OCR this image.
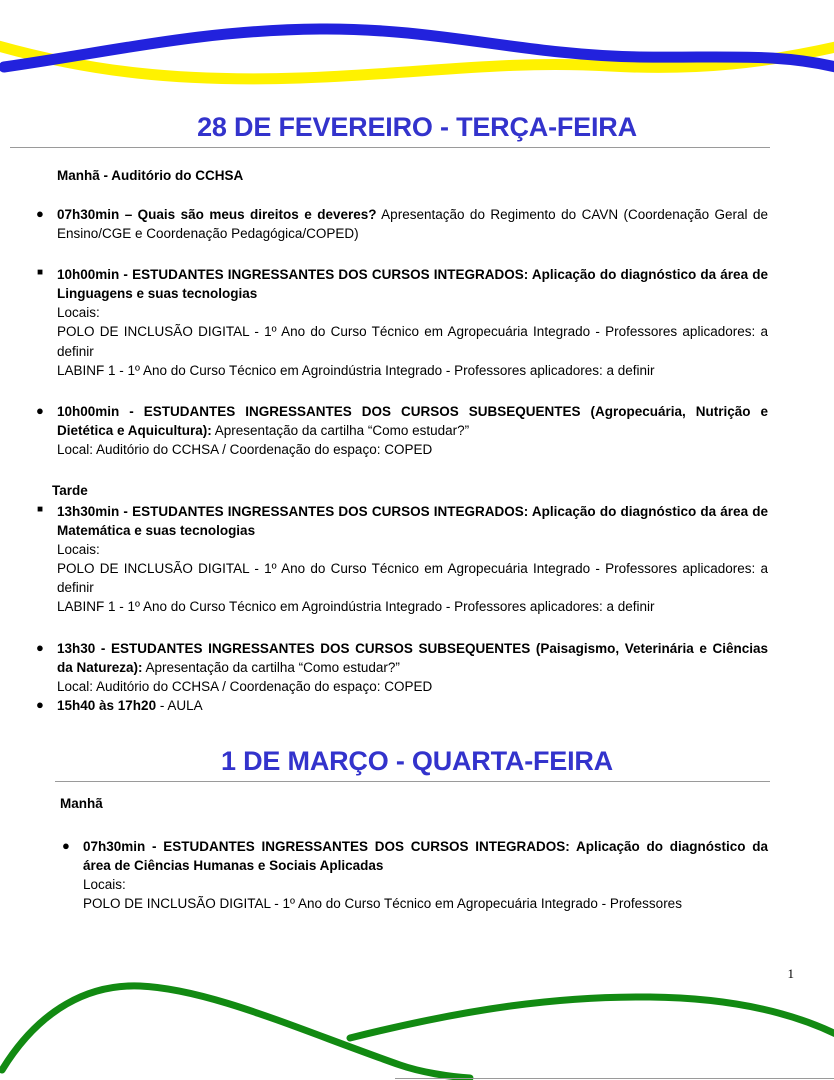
28 DE FEVEREIRO - TERÇA-FEIRA
Manhã - Auditório do CCHSA
● 07h30min – Quais são meus direitos e deveres? Apresentação do Regimento do CAVN (Coordenação Geral de Ensino/CGE e Coordenação Pedagógica/COPED)
■ 10h00min - ESTUDANTES INGRESSANTES DOS CURSOS INTEGRADOS: Aplicação do diagnóstico da área de Linguagens e suas tecnologias
Locais:
POLO DE INCLUSÃO DIGITAL - 1º Ano do Curso Técnico em Agropecuária Integrado - Professores aplicadores: a definir
LABINF 1 - 1º Ano do Curso Técnico em Agroindústria Integrado - Professores aplicadores: a definir
● 10h00min - ESTUDANTES INGRESSANTES DOS CURSOS SUBSEQUENTES (Agropecuária, Nutrição e Dietética e Aquicultura): Apresentação da cartilha “Como estudar?”
Local: Auditório do CCHSA / Coordenação do espaço: COPED
Tarde
■ 13h30min - ESTUDANTES INGRESSANTES DOS CURSOS INTEGRADOS: Aplicação do diagnóstico da área de Matemática e suas tecnologias
Locais:
POLO DE INCLUSÃO DIGITAL - 1º Ano do Curso Técnico em Agropecuária Integrado - Professores aplicadores: a definir
LABINF 1 - 1º Ano do Curso Técnico em Agroindústria Integrado - Professores aplicadores: a definir
● 13h30 - ESTUDANTES INGRESSANTES DOS CURSOS SUBSEQUENTES (Paisagismo, Veterinária e Ciências da Natureza): Apresentação da cartilha “Como estudar?”
Local: Auditório do CCHSA / Coordenação do espaço: COPED
● 15h40 às 17h20 - AULA
1 DE MARÇO - QUARTA-FEIRA
Manhã
● 07h30min - ESTUDANTES INGRESSANTES DOS CURSOS INTEGRADOS: Aplicação do diagnóstico da área de Ciências Humanas e Sociais Aplicadas
Locais:
POLO DE INCLUSÃO DIGITAL - 1º Ano do Curso Técnico em Agropecuária Integrado - Professores
1
